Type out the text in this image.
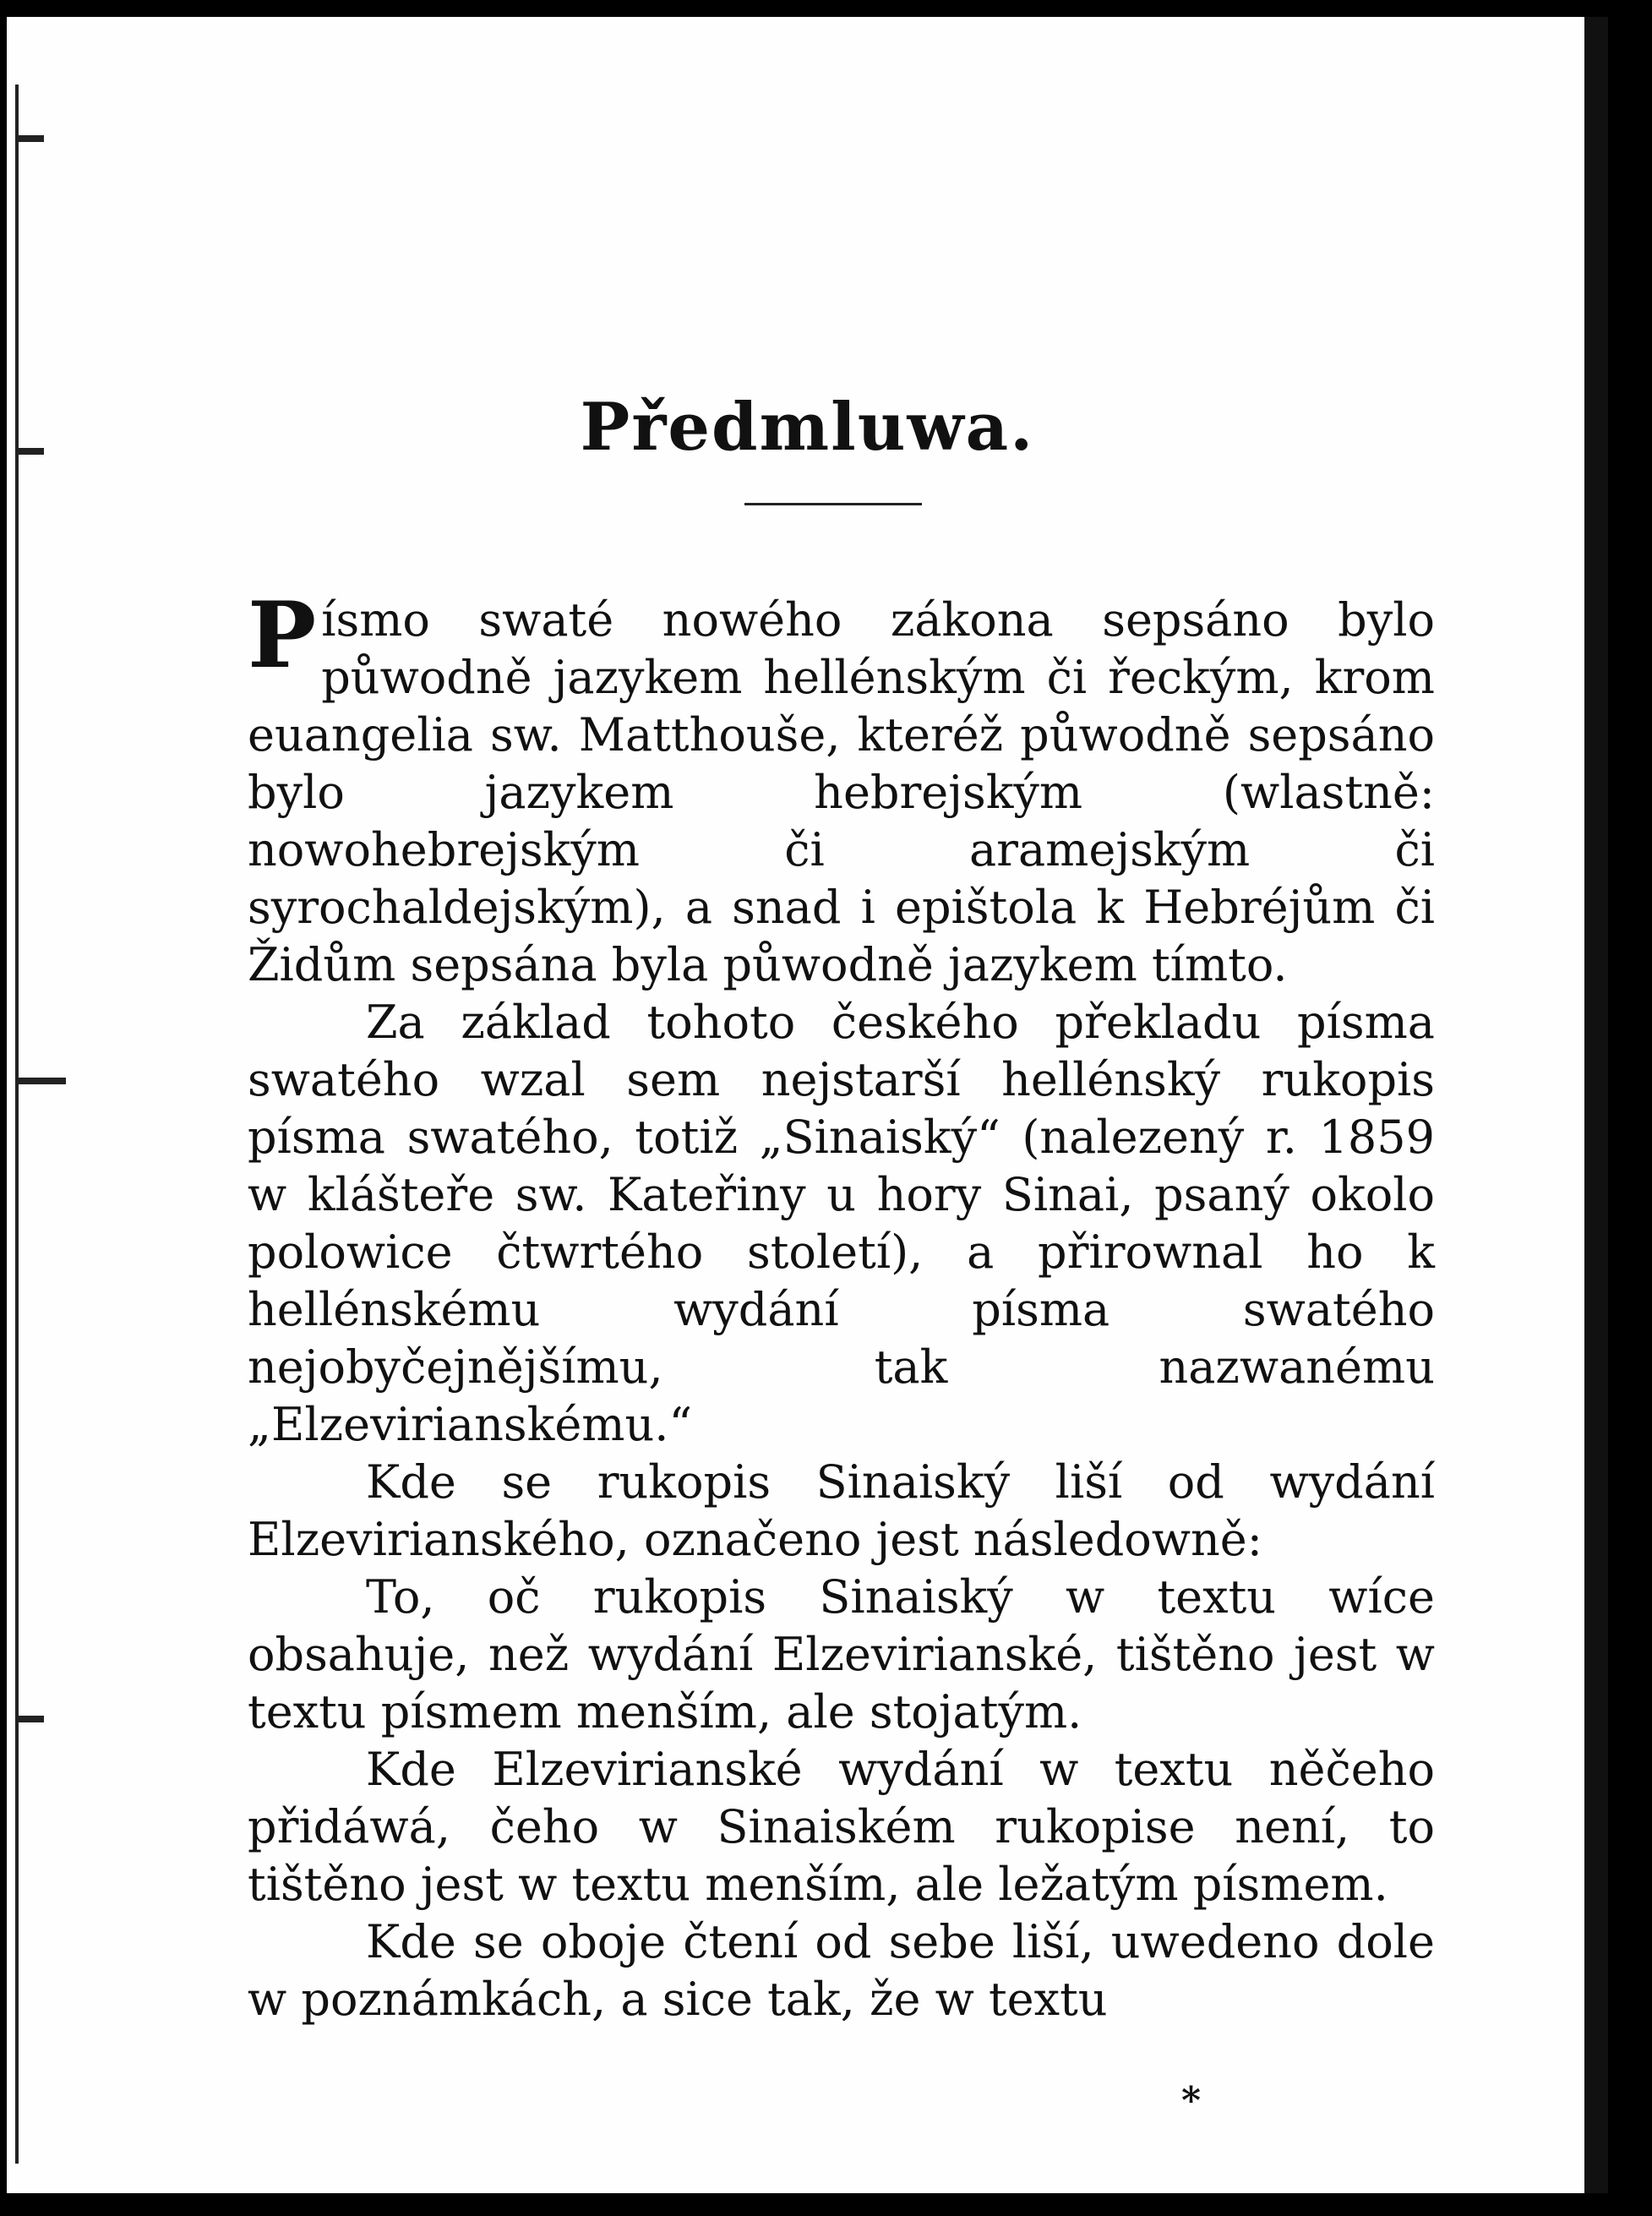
Předmluwa.

Písmo swaté nowého zákona sepsáno bylo půwodně jazykem hellénským či řeckým, krom euangelia sw. Matthouše, kteréž půwodně sepsáno bylo jazykem hebrejským (wlastně: nowohebrejským či aramejským či syrochaldejským), a snad i epištola k Hebréjům či Židům sepsána byla půwodně jazykem tímto.

Za základ tohoto českého překladu písma swatého wzal sem nejstarší hellénský rukopis písma swatého, totiž „Sinaiský“ (nalezený r. 1859 w klášteře sw. Kateřiny u hory Sinai, psaný okolo polowice čtwrtého století), a přirownal ho k hellénskému wydání písma swatého nejobyčejnějšímu, tak nazwanému „Elzevirianskému.“

Kde se rukopis Sinaiský liší od wydání Elzevirianského, označeno jest následowně:

To, oč rukopis Sinaiský w textu wíce obsahuje, než wydání Elzevirianské, tištěno jest w textu písmem menším, ale stojatým.

Kde Elzevirianské wydání w textu něčeho přidáwá, čeho w Sinaiském rukopise není, to tištěno jest w textu menším, ale ležatým písmem.

Kde se oboje čtení od sebe liší, uwedeno dole w poznámkách, a sice tak, že w textu

*
